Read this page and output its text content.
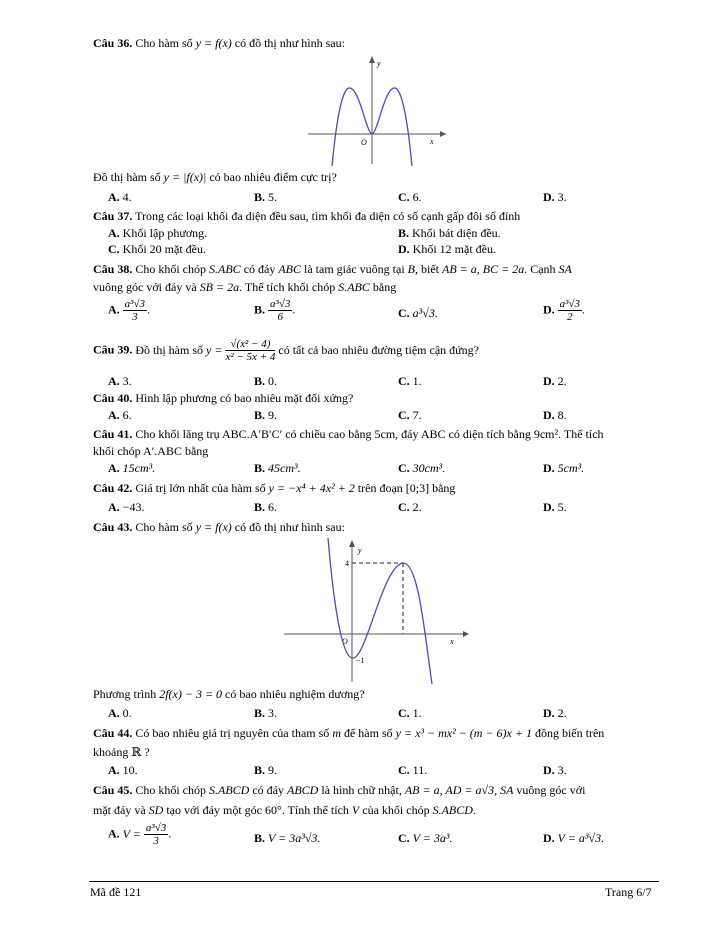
Câu 36. Cho hàm số y = f(x) có đồ thị như hình sau:
y
x
O
Đồ thị hàm số y = |f(x)| có bao nhiêu điểm cực trị?
A. 4.	B. 5.	C. 6.	D. 3.
Câu 37. Trong các loại khối đa diện đều sau, tìm khối đa diện có số cạnh gấp đôi số đỉnh
A. Khối lập phương.	B. Khối bát diện đều.
C. Khối 20 mặt đều.	D. Khối 12 mặt đều.
Câu 38. Cho khối chóp S.ABC có đáy ABC là tam giác vuông tại B, biết AB = a, BC = 2a. Cạnh SA
vuông góc với đáy và SB = 2a. Thể tích khối chóp S.ABC bằng
A. $\frac{\text{a³√3}}{3}$ .	B. $\frac{\text{a³√3}}{6}$ .	C. a³√3.	D. $\frac{\text{a³√3}}{2}$ .
Câu 39. Đồ thị hàm số $y = \frac{\text{√(x² − 4)}}{\text{x² − 5x + 4}}$ có tất cả bao nhiêu đường tiệm cận đứng?
A. 3.	B. 0.	C. 1.	D. 2.
Câu 40. Hình lập phương có bao nhiêu mặt đối xứng?
A. 6.	B. 9.	C. 7.	D. 8.
Câu 41. Cho khối lăng trụ ABC.A′B′C′ có chiều cao bằng 5cm, đáy ABC có diện tích bằng 9cm². Thể tích
khối chóp A′.ABC bằng
A. 15cm³.	B. 45cm³.	C. 30cm³.	D. 5cm³.
Câu 42. Giá trị lớn nhất của hàm số y = −x⁴ + 4x² + 2 trên đoạn [0;3] bằng
A. −43.	B. 6.	C. 2.	D. 5.
Câu 43. Cho hàm số y = f(x) có đồ thị như hình sau:
y
x
O
4
−1
Phương trình 2f(x) − 3 = 0 có bao nhiêu nghiệm dương?
A. 0.	B. 3.	C. 1.	D. 2.
Câu 44. Có bao nhiêu giá trị nguyên của tham số m để hàm số y = x³ − mx² − (m − 6)x + 1 đồng biến trên
khoảng ℝ ?
A. 10.	B. 9.	C. 11.	D. 3.
Câu 45. Cho khối chóp S.ABCD có đáy ABCD là hình chữ nhật, AB = a, AD = a√3, SA vuông góc với
mặt đáy và SD tạo với đáy một góc 60°. Tính thể tích V của khối chóp S.ABCD.
A. $V = \frac{\text{a³√3}}{3}$ .	B. V = 3a³√3.	C. V = 3a³.	D. V = a³√3.
Mã đề 121	Trang 6/7
